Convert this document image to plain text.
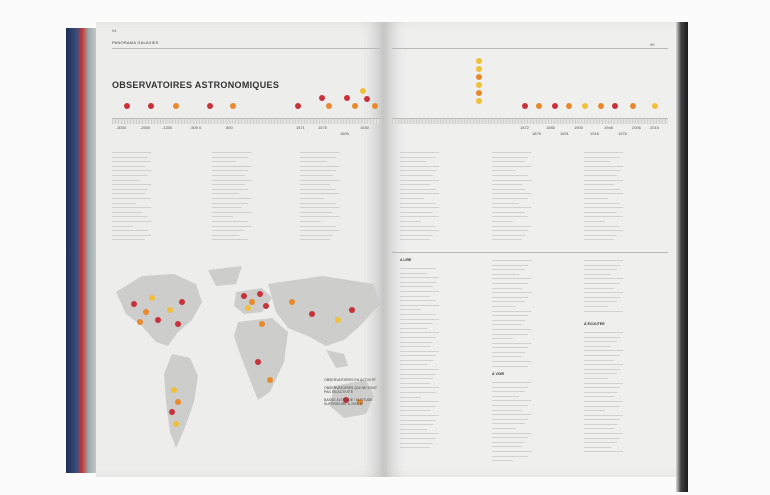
94
PANORAMA GALAXIES
OBSERVATOIRES ASTRONOMIQUES
-3000	-2500	-1300	-500 0	800	1571	1575
1609
1630
—————————————
————————————
—————————————
———————————
—————————————
————————————
—————————
—————————————
————————————
———————————
—————————————
————————
—————————————
——————————
————————————
—————————————
———————
————————————
—————————————
———————————
—————————————
————————————
————————
—————————————
————————————
———————————
—————————————
———————————
————————————
—————————
—————————————
————————————
——————————
—————————————
———————
————————————
—————————————
———————————
—————————
————————————
—————————————
————————————
—————————
—————————————
————————————
———————————
—————————————
——————————
————————————
—————————————
————————
————————————
—————————————
———————————
—————————————
———————
————————————
—————————————
———————————
——————————
OBSERVATOIRES EN ACTIVITÉ
OBSERVATOIRES QUI NE SONT PAS EN ACTIVITÉ
BASSE ALTITUDE / ALTITUDE SUPÉRIEURE À 2000 M
95
1872
1875
1885
1891
1905
1916
1948
1976
2006 2015
—————————————
————————————
—————————
—————————————
————————————
———————————
—————————————
——————————
————————————
—————————————
————————
————————————
—————————————
———————————
—————————————
———————
————————————
—————————————
———————————
——————————
—————————————
————————————
———————————
—————————————
————————
————————————
—————————————
——————————
———————————
—————————————
————————————
—————————
—————————————
———————————
————————————
———————
—————————————
————————————
———————————
——————————
—————————————
————————————
—————————
—————————————
————————————
———————————
—————————————
——————————
————————————
—————————————
————————
————————————
—————————————
———————————
—————————————
———————
————————————
—————————————
———————————
——————————
A LIRE
————————————
—————————
—————————————
————————————
———————————
—————————————
——————————
————————————
—————————————
———————
————————————
—————————————
———————————
—————————
—————————————
————————————
———————————
——————————
—————————————
————————————
———————————
—————————
—————————————
————————————
———————————
——————————
—————————————
————————————
———————
—————————————
————————————
——————————
—————————————
————————————
———————————
—————————
—————————————
————————————
———————————
——————————
—————————————
————————————
———————————
—————————
—————————————
————————————
——————————
—————————————
————————————
———————————
————————
—————————————
————————————
———————————
——————————
—————————————
————————————
———————
—————————————
————————————
———————————
——————————
—————————————
————————————
À VOIR
—————————————
————————————
———————————
—————————
—————————————
————————————
——————————
—————————————
————————————
———————————
————————
—————————————
————————————
———————————
——————————
—————————————
————————————
———————
—————————————
————————————
———————————
—————————
—————————————
————————————
——————————
—————————————
————————————
———————————
————————
—————————————
À ÉCOUTER
—————————————
————————————
———————————
—————————
—————————————
————————————
——————————
—————————————
————————————
———————————
————————
—————————————
————————————
———————————
——————————
—————————————
————————————
———————
—————————————
————————————
———————————
——————————
—————————————
————————————
———————————
—————————
—————————————
